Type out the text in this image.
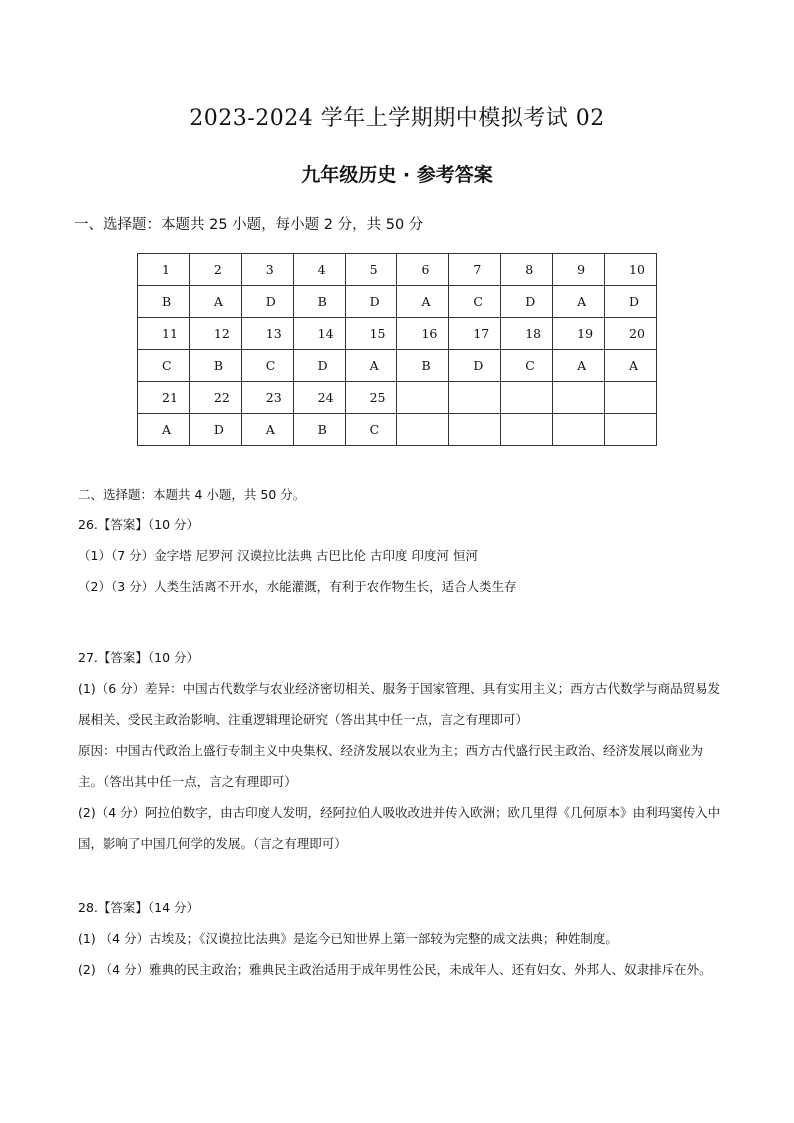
2023-2024 学年上学期期中模拟考试 02
九年级历史 · 参考答案
一、选择题：本题共 25 小题，每小题 2 分，共 50 分
1	2	3	4	5	6	7	8	9	10
B	A	D	B	D	A	C	D	A	D
11	12	13	14	15	16	17	18	19	20
C	B	C	D	A	B	D	C	A	A
21	22	23	24	25					
A	D	A	B	C					
二、选择题：本题共 4 小题，共 50 分。

26.【答案】（10 分）

（1）（7 分）金字塔 尼罗河 汉谟拉比法典 古巴比伦 古印度 印度河 恒河

（2）（3 分）人类生活离不开水，水能灌溉，有利于农作物生长，适合人类生存

27.【答案】（10 分）
(1)（6 分）差异：中国古代数学与农业经济密切相关、服务于国家管理、具有实用主义；西方古代数学与商品贸易发展相关、受民主政治影响、注重逻辑理论研究（答出其中任一点，言之有理即可）
原因：中国古代政治上盛行专制主义中央集权、经济发展以农业为主；西方古代盛行民主政治、经济发展以商业为主。（答出其中任一点，言之有理即可）
(2)（4 分）阿拉伯数字，由古印度人发明，经阿拉伯人吸收改进并传入欧洲；欧几里得《几何原本》由利玛窦传入中国，影响了中国几何学的发展。（言之有理即可）
28.【答案】（14 分）
(1) （4 分）古埃及；《汉谟拉比法典》是迄今已知世界上第一部较为完整的成文法典；种姓制度。
(2) （4 分）雅典的民主政治；雅典民主政治适用于成年男性公民，未成年人、还有妇女、外邦人、奴隶排斥在外。
